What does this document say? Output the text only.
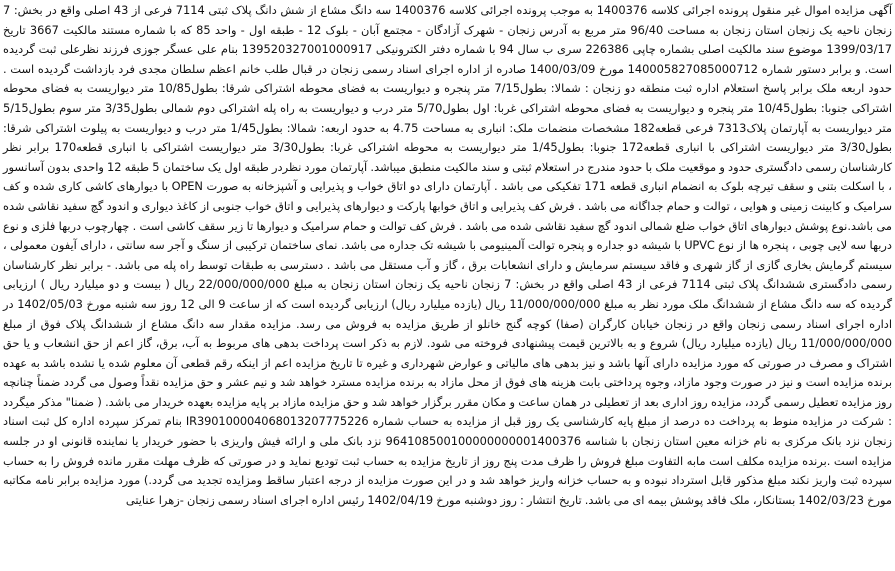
آگهی مزایده اموال غیر منقول پرونده اجرائی کلاسه 1400376 به موجب پرونده اجرائی کلاسه 1400376 سه دانگ مشاع از شش دانگ پلاک ثبتی 7114 فرعی از 43 اصلی واقع در بخش: 7 زنجان ناحیه یک زنجان استان زنجان به مساحت 96/40 متر مربع به آدرس زنجان - شهرک آزادگان - مجتمع آبان - بلوک 12 - طبقه اول - واحد 85 که با شماره مستند مالکیت 3667 تاریخ 1399/03/17 موضوع سند مالکیت اصلی بشماره چاپی 226386 سری ب سال 94 با شماره دفتر الکترونیکی 139520327001000917 بنام علی عسگر جوزی فرزند نظرعلی ثبت گردیده است. و برابر دستور شماره 140005827085000712 مورخ 1400/03/09 صادره از اداره اجرای اسناد رسمی زنجان در قبال طلب خانم اعظم سلطان مجدی فرد بازداشت گردیده است . حدود اربعه ملک برابر پاسخ استعلام اداره ثبت منطقه دو زنجان : شمالا: بطول7/15 متر پنجره و دیواریست به فضای محوطه اشتراکی شرقا: بطول10/85 متر دیواریست به فضای محوطه اشتراکی جنوبا: بطول10/45 متر پنجره و دیواریست به فضای محوطه اشتراکی غربا: اول بطول5/70 متر درب و دیواریست به راه پله اشتراکی دوم شمالی بطول3/35 متر سوم بطول5/15 متر دیواریست به آپارتمان پلاک7313 فرعی قطعه182 مشخصات منضمات ملک: انباری به مساحت 4.75 به حدود اربعه: شمالا: بطول1/45 متر درب و دیواریست به پیلوت اشتراکی شرقا: بطول3/30 متر دیواریست اشتراکی با انباری قطعه172 جنوبا: بطول1/45 متر دیواریست به محوطه اشتراکی غربا: بطول3/30 متر دیواریست اشتراکی با انباری قطعه170 برابر نظر کارشناسان رسمی دادگستری حدود و موقعیت ملک با حدود مندرج در استعلام ثبتی و سند مالکیت منطبق میباشد. آپارتمان مورد نظردر طبقه اول یک ساختمان 5 طبقه 12 واحدی بدون آسانسور ، با اسکلت بتنی و سقف تیرچه بلوک به انضمام انباری قطعه 171 تفکیکی می باشد . آپارتمان دارای دو اتاق خواب و پذیرایی و آشپزخانه به صورت OPEN با دیوارهای کاشی کاری شده و کف سرامیک و کابینت زمینی و هوایی ، توالت و حمام جداگانه می باشد . فرش کف پذیرایی و اتاق خوابها پارکت و دیوارهای پذیرایی و اتاق خواب جنوبی از کاغذ دیواری و اندود گچ سفید نقاشی شده می باشد.نوع پوشش دیوارهای اتاق خواب ضلع شمالی اندود گچ سفید نقاشی شده می باشد . فرش کف توالت و حمام سرامیک و دیوارها تا زیر سقف کاشی است . چهارچوب دربها فلزی و نوع دربها سه لایی چوبی ، پنجره ها از نوع UPVC با شیشه دو جداره و پنجره توالت آلمینیومی با شیشه تک جداره می باشد. نمای ساختمان ترکیبی از سنگ و آجر سه سانتی ، دارای آیفون معمولی ، سیستم گرمایش بخاری گازی از گاز شهری و فاقد سیستم سرمایش و دارای انشعابات برق ، گاز و آب مستقل می باشد . دسترسی به طبقات توسط راه پله می باشد. - برابر نظر کارشناسان رسمی دادگستری ششدانگ پلاک ثبتی 7114 فرعی از 43 اصلی واقع در بخش: 7 زنجان ناحیه یک زنجان استان زنجان به مبلغ 22/000/000/000 ریال ( بیست و دو میلیارد ریال ) ارزیابی گردیده که سه دانگ مشاع از ششدانگ ملک مورد نظر به مبلغ 11/000/000/000 ریال (یازده میلیارد ریال) ارزیابی گردیده است که از ساعت 9 الی 12 روز سه شنبه مورخ 1402/05/03 در اداره اجرای اسناد رسمی زنجان واقع در زنجان خیابان کارگران (صفا) کوچه گنج خانلو از طریق مزایده به فروش می رسد. مزایده مقدار سه دانگ مشاع از ششدانگ پلاک فوق از مبلغ 11/000/000/000 ریال (یازده میلیارد ریال) شروع و به بالاترین قیمت پیشنهادی فروخته می شود. لازم به ذکر است پرداخت بدهی های مربوط به آب، برق، گاز اعم از حق انشعاب و یا حق اشتراک و مصرف در صورتی که مورد مزایده دارای آنها باشد و نیز بدهی های مالیاتی و عوارض شهرداری و غیره تا تاریخ مزایده اعم از اینکه رقم قطعی آن معلوم شده یا نشده باشد به عهده برنده مزایده است و نیز در صورت وجود مازاد، وجوه پرداختی بابت هزینه های فوق از محل مازاد به برنده مزایده مسترد خواهد شد و نیم عشر و حق مزایده نقداً وصول می گردد ضمناً چنانچه روز مزایده تعطیل رسمی گردد، مزایده روز اداری بعد از تعطیلی در همان ساعت و مکان مقرر برگزار خواهد شد و حق مزایده مازاد بر پایه مزایده بعهده خریدار می باشد. ( ضمنا" مذکر میگردد : شرکت در مزایده منوط به پرداخت ده درصد از مبلغ پایه کارشناسی یک روز قبل از مزایده به حساب شماره IR390100004068013207775226 بنام تمرکز سپرده اداره کل ثبت اسناد زنجان نزد بانک مرکزی به نام خزانه معین استان زنجان با شناسه 964108500100000000001400376 نزد بانک ملی و ارائه فیش واریزی با حضور خریدار یا نماینده قانونی او در جلسه مزایده است .برنده مزایده مکلف است مابه التفاوت مبلغ فروش را ظرف مدت پنج روز از تاریخ مزایده به حساب ثبت تودیع نماید و در صورتی که ظرف مهلت مقرر مانده فروش را به حساب سپرده ثبت واریز نکند مبلغ مذکور قابل استرداد نبوده و به حساب خزانه واریز خواهد شد و در این صورت مزایده از درجه اعتبار ساقط ومزایده تجدید می گردد.) مورد مزایده برابر نامه مکاتبه مورخ 1402/03/23 بستانکار، ملک فاقد پوشش بیمه ای می باشد. تاریخ انتشار : روز دوشنبه مورخ 1402/04/19 رئیس اداره اجرای اسناد رسمی زنجان -زهرا عنایتی
